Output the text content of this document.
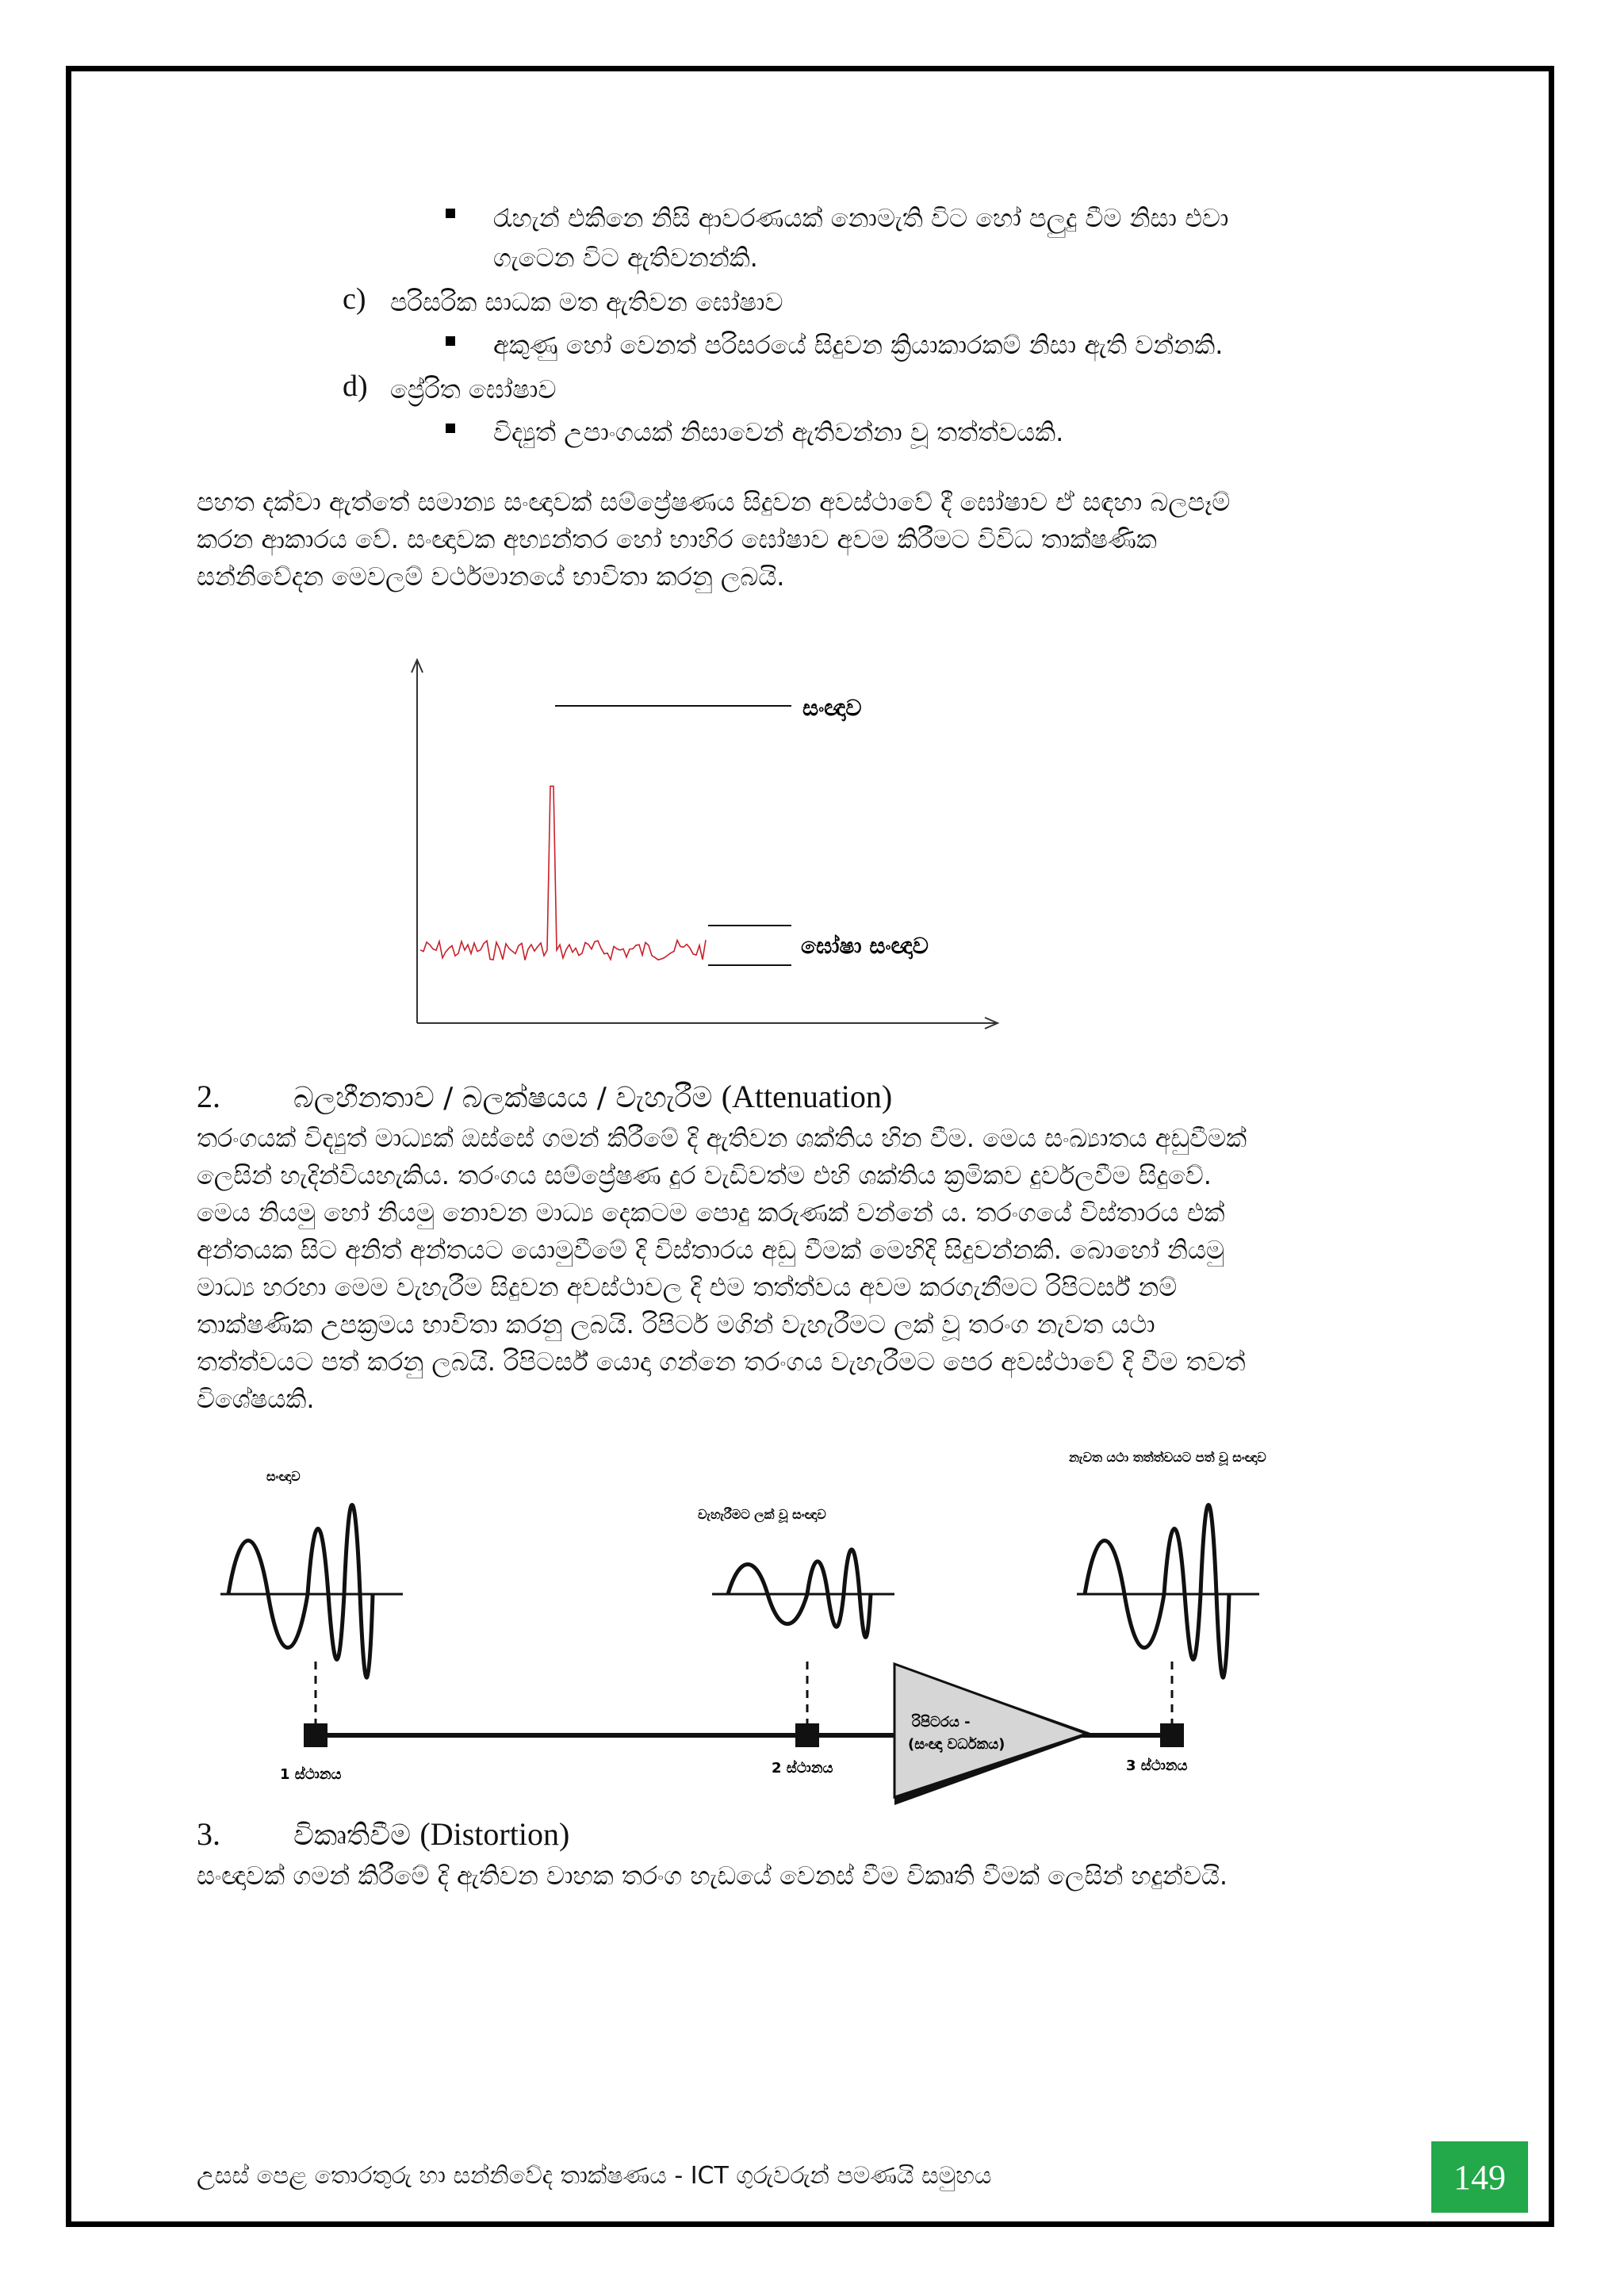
රැහැන් එකිනෙ නිසි ආවරණයක් නොමැති විට හෝ පලුදු වීම නිසා එවා
ගැටෙන විට ඇතිවනන්කි.
c) පරිසරික සාධක මත ඇතිවන ඝෝෂාව
අකුණු හෝ වෙනත් පරිසරයේ සිදුවන ක්‍රියාකාරකම් නිසා ඇති වන්නකි.
d) ප්‍රේරිත ඝෝෂාව
විද්‍යුත් උපාංගයක් නිසාවෙන් ඇතිවන්නා වූ තත්ත්වයකි.
පහත දක්වා ඇත්තේ සමාන්‍ය සංඥාවක් සම්ප්‍රේෂණය සිදුවන අවස්ථාවේ දී ඝෝෂාව ඒ සඳහා බලපෑම්
කරන ආකාරය වේ. සංඥාවක අභ්‍යන්තර හෝ භාහිර ඝෝෂාව අවම කිරීමට විවිධ තාක්ෂණික
සන්නිවේදන මෙවලම් වර්ථමානයේ භාවිතා කරනු ලබයි.
සංඥාව
ඝෝෂා සංඥාව
2.	බලහීනතාව / බලක්ෂයය / වැහැරීම (Attenuation)
තරංගයක් විද්‍යුත් මාධ්‍යක් ඔස්සේ ගමන් කිරීමේ දි ඇතිවන ශක්තිය හින වීම. මෙය සංඛ්‍යාතය අඩුවීමක්
ලෙසින් හැදින්වියහැකිය. තරංගය සම්ප්‍රේෂණ දුර වැඩිවත්ම එහි ශක්තිය ක්‍රමිකව දුර්වලවීම සිදුවේ.
මෙය නියමු හෝ නියමු නොවන මාධ්‍ය දෙකටම පොදු කරුණක් වන්නේ ය. තරංගයේ විස්තාරය එක්
අන්තයක සිට අනිත් අන්තයට යොමුවීමේ දි විස්තාරය අඩු වීමක් මෙහිදි සිදුවන්නකි. බොහෝ නියමු
මාධ්‍ය හරහා මෙම වැහැරීම සිදුවන අවස්ථාවල දි එම තත්ත්වය අවම කරගැනීමට රිපිටර්ස් නම්
තාක්ෂණික උපක්‍රමය භාවිතා කරනු ලබයි. රිපිටර් මගින් වැහැරීමට ලක් වූ තරංග නැවත යථා
තත්ත්වයට පත් කරනු ලබයි. රිපිටර්ස් යොදා ගන්නෙ තරංගය වැහැරීමට පෙර අවස්ථාවේ දි වීම තවත්
විශේෂයකි.
සංඥාව
වැහැරීමට ලක් වූ සංඥාව
නැවත යථා තත්ත්වයට පත් වූ සංඥාව
රිපිටරය -
(සංඥා වර්ධකය)
1 ස්ථානය	2 ස්ථානය	3 ස්ථානය
3.	විකෘතිවීම (Distortion)
සංඥාවක් ගමන් කිරීමේ දි ඇතිවන වාහක තරංග හැඩයේ වෙනස් වීම විකෘති වීමක් ලෙසින් හදුන්වයි.
උසස් පෙළ තොරතුරු හා සන්නිවේද තාක්ෂණය - ICT ගුරුවරුන් පමණයි සමුහය	149
